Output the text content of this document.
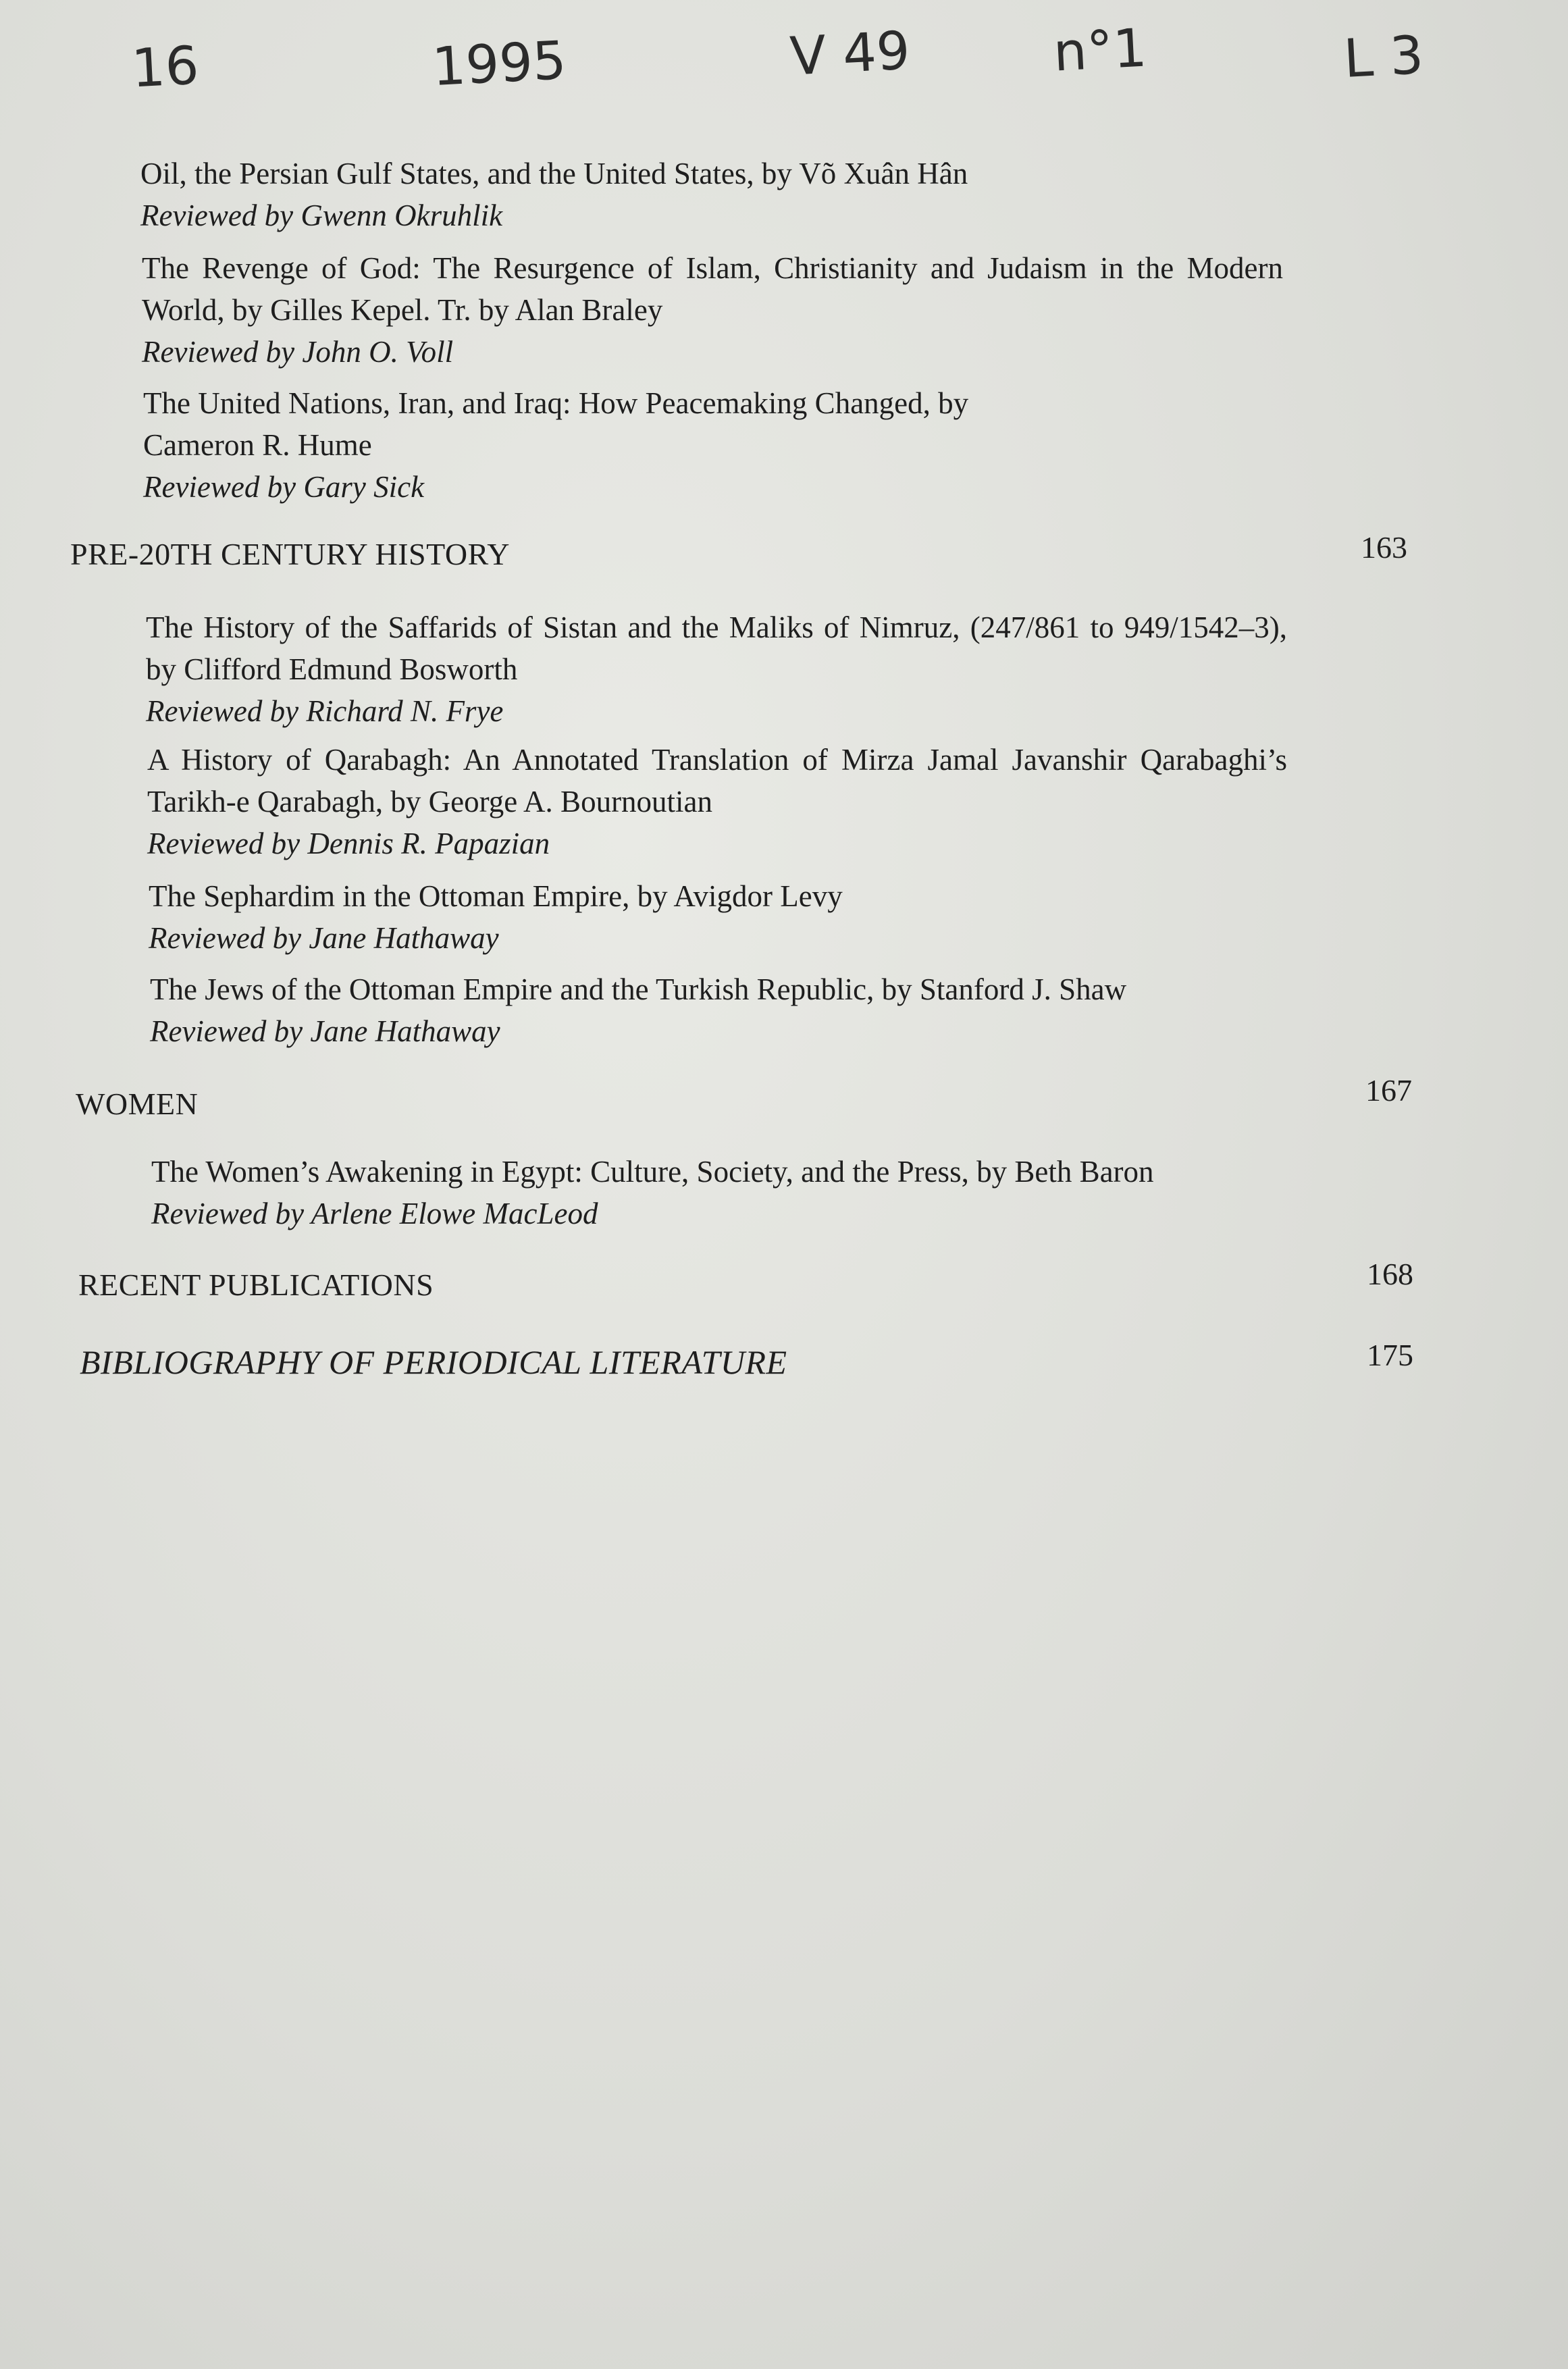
16	1995	V 49	n°1	L 3
Oil, the Persian Gulf States, and the United States, by Võ Xuân Hân
Reviewed by Gwenn Okruhlik
The Revenge of God: The Resurgence of Islam, Christianity and Judaism in the Modern World, by Gilles Kepel. Tr. by Alan Braley
Reviewed by John O. Voll
The United Nations, Iran, and Iraq: How Peacemaking Changed, by Cameron R. Hume
Reviewed by Gary Sick
PRE-20TH CENTURY HISTORY	163
The History of the Saffarids of Sistan and the Maliks of Nimruz, (247/861 to 949/1542–3), by Clifford Edmund Bosworth
Reviewed by Richard N. Frye
A History of Qarabagh: An Annotated Translation of Mirza Jamal Javanshir Qarabaghi’s Tarikh-e Qarabagh, by George A. Bournoutian
Reviewed by Dennis R. Papazian
The Sephardim in the Ottoman Empire, by Avigdor Levy
Reviewed by Jane Hathaway
The Jews of the Ottoman Empire and the Turkish Republic, by Stanford J. Shaw
Reviewed by Jane Hathaway
WOMEN	167
The Women’s Awakening in Egypt: Culture, Society, and the Press, by Beth Baron
Reviewed by Arlene Elowe MacLeod
RECENT PUBLICATIONS	168
BIBLIOGRAPHY OF PERIODICAL LITERATURE	175
